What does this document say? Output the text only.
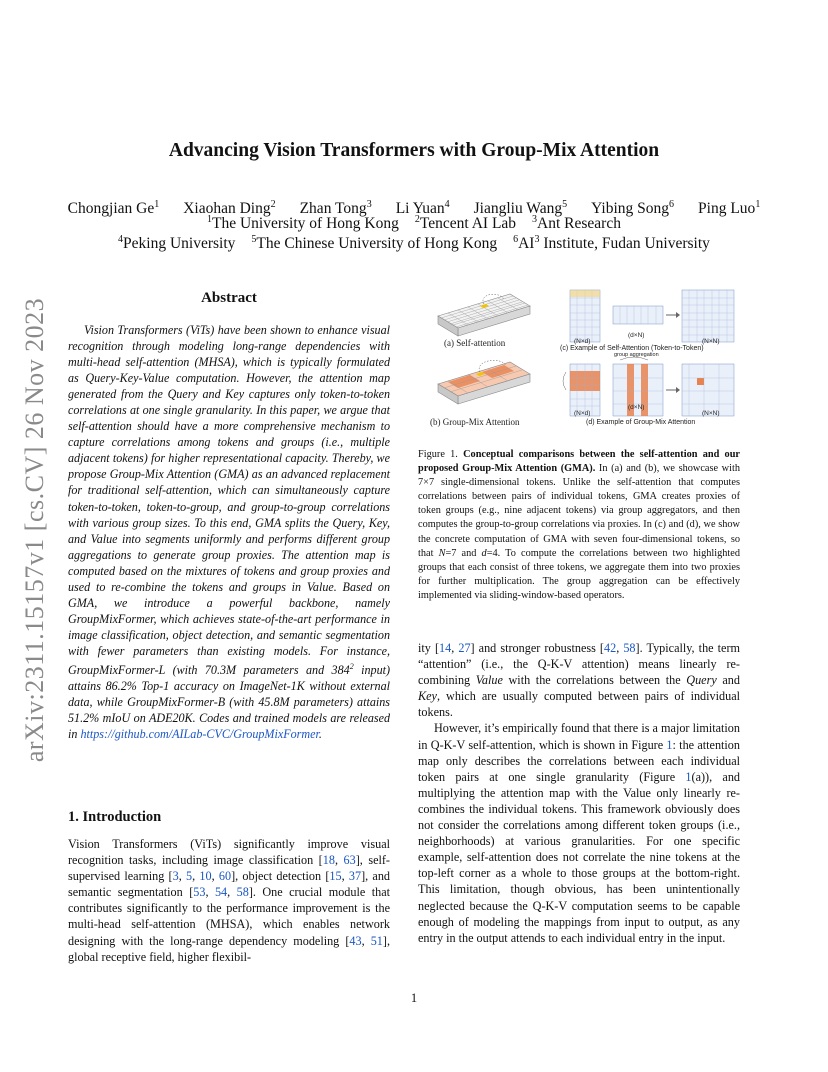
arXiv:2311.15157v1 [cs.CV] 26 Nov 2023
Advancing Vision Transformers with Group-Mix Attention
Chongjian Ge$^1$ Xiaohan Ding$^2$ Zhan Tong$^3$ Li Yuan$^4$ Jiangliu Wang$^5$ Yibing Song$^6$ Ping Luo$^1$
$^1$The University of Hong Kong $^2$Tencent AI Lab $^3$Ant Research
$^4$Peking University $^5$The Chinese University of Hong Kong $^6AI^3$ Institute, Fudan University
Abstract
Vision Transformers (ViTs) have been shown to enhance visual recognition through modeling long-range dependencies with multi-head self-attention (MHSA), which is typically formulated as Query-Key-Value computation. However, the attention map generated from the Query and Key captures only token-to-token correlations at one single granularity. In this paper, we argue that self-attention should have a more comprehensive mechanism to capture correlations among tokens and groups (i.e., multiple adjacent tokens) for higher representational capacity. Thereby, we propose Group-Mix Attention (GMA) as an advanced replacement for traditional self-attention, which can simultaneously capture token-to-token, token-to-group, and group-to-group correlations with various group sizes. To this end, GMA splits the Query, Key, and Value into segments uniformly and performs different group aggregations to generate group proxies. The attention map is computed based on the mixtures of tokens and group proxies and used to re-combine the tokens and groups in Value. Based on GMA, we introduce a powerful backbone, namely GroupMixFormer, which achieves state-of-the-art performance in image classification, object detection, and semantic segmentation with fewer parameters than existing models. For instance, GroupMixFormer-L (with 70.3M parameters and $384^2$ input) attains 86.2% Top-1 accuracy on ImageNet-1K without external data, while GroupMixFormer-B (with 45.8M parameters) attains 51.2% mIoU on ADE20K. Codes and trained models are released in https://github.com/AILab-CVC/GroupMixFormer.
1. Introduction
Vision Transformers (ViTs) significantly improve visual recognition tasks, including image classification [18, 63], self-supervised learning [3, 5, 10, 60], object detection [15, 37], and semantic segmentation [53, 54, 58]. One crucial module that contributes significantly to the performance improvement is the multi-head self-attention (MHSA), which enables network designing with the long-range dependency modeling [43, 51], global receptive field, higher flexibil-
(a) Self-attention
(b) Group-Mix Attention
(c) Example of Self-Attention (Token-to-Token)
(d) Example of Group-Mix Attention
(N×d)
(d×N)
(N×N)
(N×d)
(d×N)
(N×N)
group aggregation
Figure 1. Conceptual comparisons between the self-attention and our proposed Group-Mix Attention (GMA). In (a) and (b), we showcase with 7×7 single-dimensional tokens. Unlike the self-attention that computes correlations between pairs of individual tokens, GMA creates proxies of token groups (e.g., nine adjacent tokens) via group aggregators, and then computes the group-to-group correlations via proxies. In (c) and (d), we show the concrete computation of GMA with seven four-dimensional tokens, so that N=7 and d=4. To compute the correlations between two highlighted groups that each consist of three tokens, we aggregate them into two proxies for further multiplication. The group aggregation can be effectively implemented via sliding-window-based operators.

ity [14, 27] and stronger robustness [42, 58]. Typically, the term “attention” (i.e., the Q-K-V attention) means linearly re-combining Value with the correlations between the Query and Key, which are usually computed between pairs of individual tokens.

However, it’s empirically found that there is a major limitation in Q-K-V self-attention, which is shown in Figure 1: the attention map only describes the correlations between each individual token pairs at one single granularity (Figure 1(a)), and multiplying the attention map with the Value only linearly re-combines the individual tokens. This framework obviously does not consider the correlations among different token groups (i.e., neighborhoods) at various granularities. For one specific example, self-attention does not correlate the nine tokens at the top-left corner as a whole to those groups at the bottom-right. This limitation, though obvious, has been unintentionally neglected because the Q-K-V computation seems to be capable enough of modeling the mappings from input to output, as any entry in the output attends to each individual entry in the input.

1
